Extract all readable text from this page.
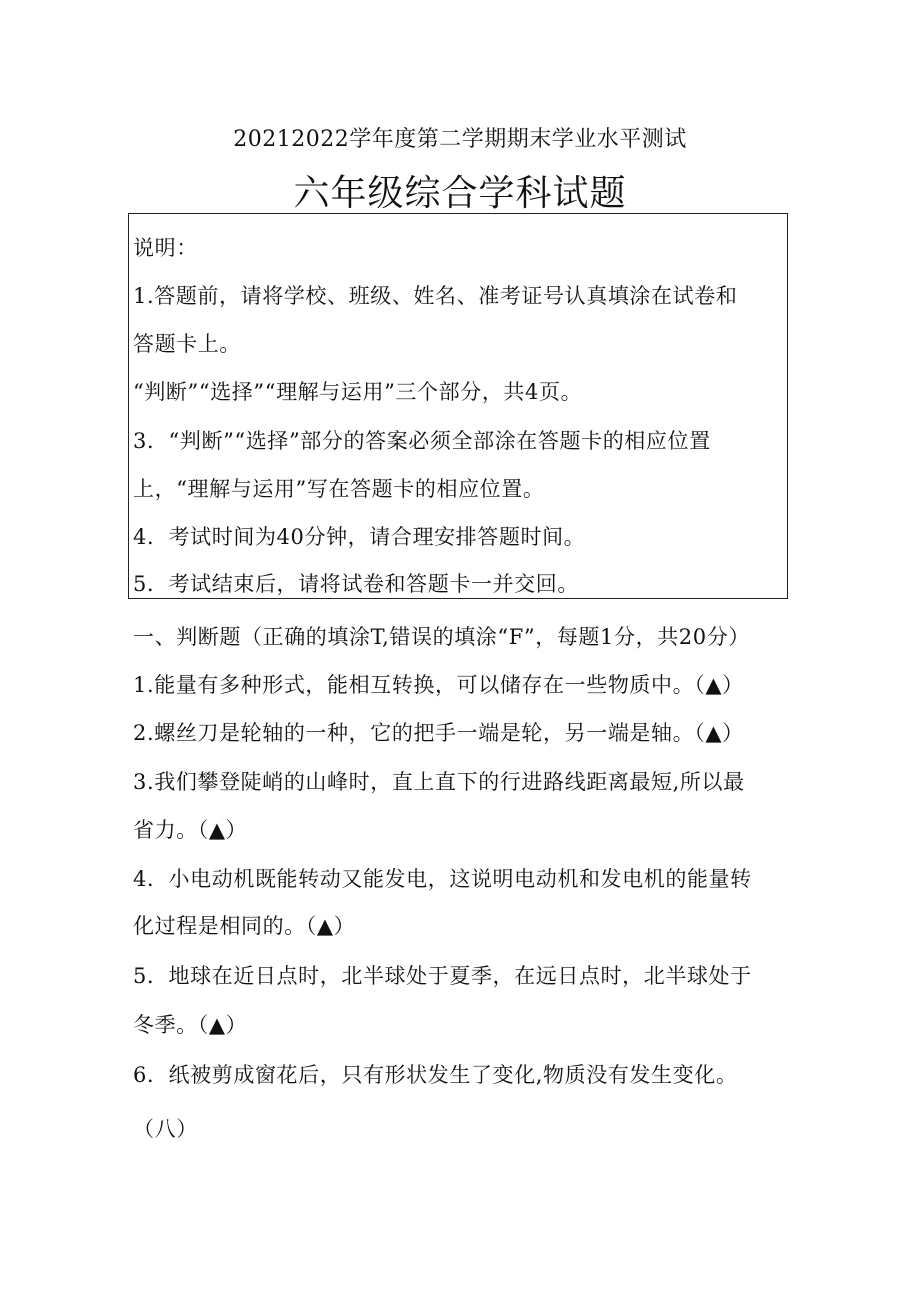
20212022学年度第二学期期末学业水平测试
六年级综合学科试题
说明：
1.答题前，请将学校、班级、姓名、准考证号认真填涂在试卷和
答题卡上。
“判断”“选择”“理解与运用”三个部分，共4页。
3．“判断”“选择”部分的答案必须全部涂在答题卡的相应位置
上，“理解与运用”写在答题卡的相应位置。
4．考试时间为40分钟，请合理安排答题时间。
5．考试结束后，请将试卷和答题卡一并交回。
一、判断题（正确的填涂T,错误的填涂“F”，每题1分，共20分）
1.能量有多种形式，能相互转换，可以储存在一些物质中。（▲）
2.螺丝刀是轮轴的一种，它的把手一端是轮，另一端是轴。（▲）
3.我们攀登陡峭的山峰时，直上直下的行进路线距离最短,所以最
省力。（▲）
4．小电动机既能转动又能发电，这说明电动机和发电机的能量转
化过程是相同的。（▲）
5．地球在近日点时，北半球处于夏季，在远日点时，北半球处于
冬季。（▲）
6．纸被剪成窗花后，只有形状发生了变化,物质没有发生变化。
（八）
